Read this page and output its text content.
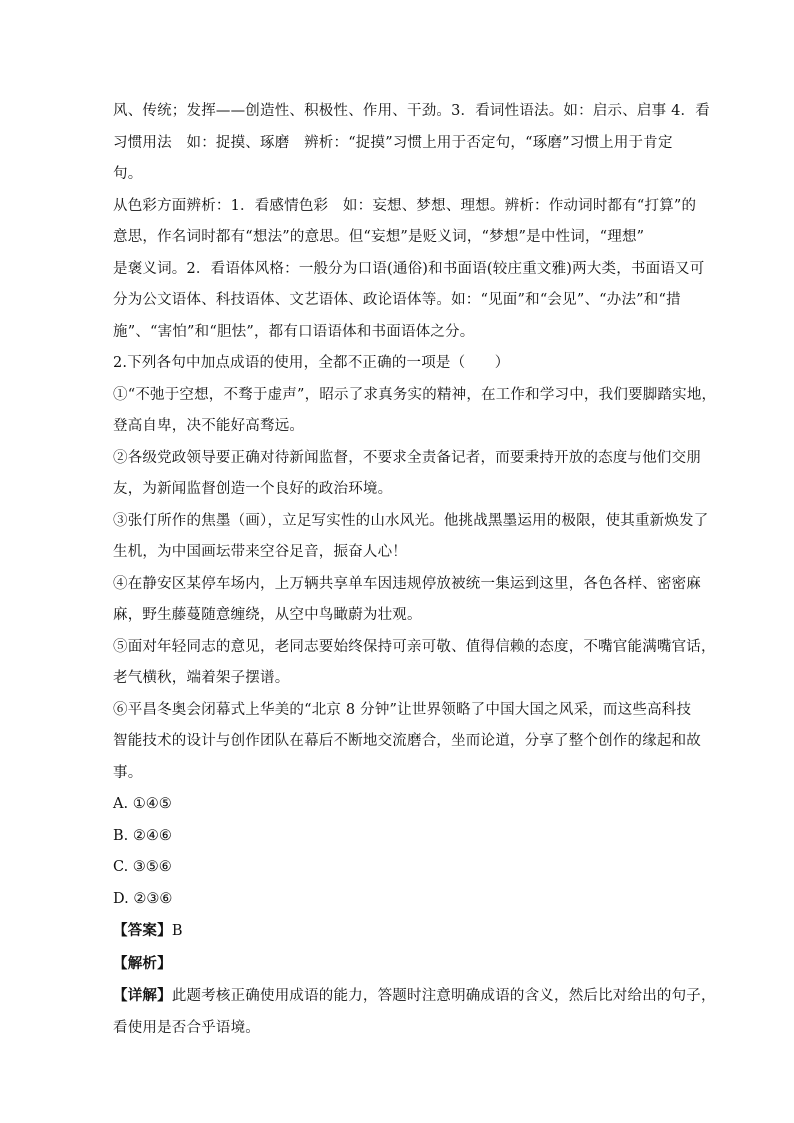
风、传统；发挥——创造性、积极性、作用、干劲。3．看词性语法。如：启示、启事 4．看
习惯用法　如：捉摸、琢磨　辨析：“捉摸”习惯上用于否定句，“琢磨”习惯上用于肯定
句。
从色彩方面辨析：1．看感情色彩　如：妄想、梦想、理想。辨析：作动词时都有“打算”的
意思，作名词时都有“想法”的意思。但“妄想”是贬义词，“梦想”是中性词，“理想”
是褒义词。2．看语体风格：一般分为口语(通俗)和书面语(较庄重文雅)两大类，书面语又可
分为公文语体、科技语体、文艺语体、政论语体等。如：“见面”和“会见”、“办法”和“措
施”、“害怕”和“胆怯”，都有口语语体和书面语体之分。
2.下列各句中加点成语的使用，全都不正确的一项是（　　）
①“不弛于空想，不骛于虚声”，昭示了求真务实的精神，在工作和学习中，我们要脚踏实地，
登高自卑，决不能好高骛远。
②各级党政领导要正确对待新闻监督，不要求全责备记者，而要秉持开放的态度与他们交朋
友，为新闻监督创造一个良好的政治环境。
③张仃所作的焦墨（画），立足写实性的山水风光。他挑战黑墨运用的极限，使其重新焕发了
生机，为中国画坛带来空谷足音，振奋人心！
④在静安区某停车场内，上万辆共享单车因违规停放被统一集运到这里，各色各样、密密麻
麻，野生藤蔓随意缠绕，从空中鸟瞰蔚为壮观。
⑤面对年轻同志的意见，老同志要始终保持可亲可敬、值得信赖的态度，不嘴官能满嘴官话，
老气横秋，端着架子摆谱。
⑥平昌冬奥会闭幕式上华美的“北京 8 分钟”让世界领略了中国大国之风采，而这些高科技
智能技术的设计与创作团队在幕后不断地交流磨合，坐而论道，分享了整个创作的缘起和故
事。
A. ①④⑤
B. ②④⑥
C. ③⑤⑥
D. ②③⑥
【答案】B
【解析】
【详解】此题考核正确使用成语的能力，答题时注意明确成语的含义，然后比对给出的句子，
看使用是否合乎语境。
